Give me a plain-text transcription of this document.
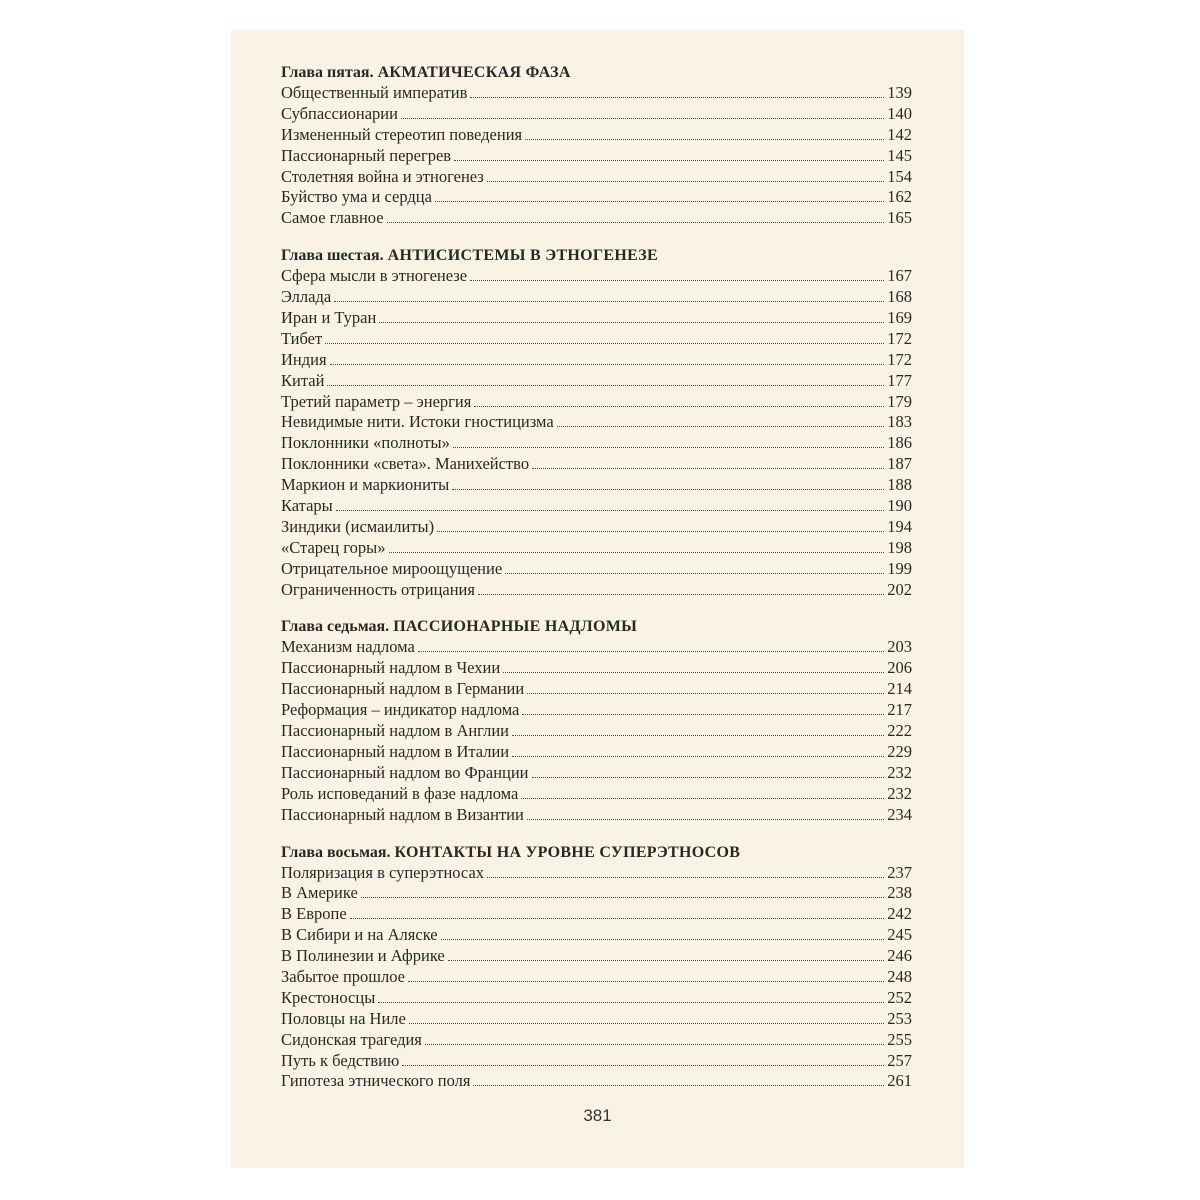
Глава пятая. АКМАТИЧЕСКАЯ ФАЗА
Общественный императив	139
Субпассионарии	140
Измененный стереотип поведения	142
Пассионарный перегрев	145
Столетняя война и этногенез	154
Буйство ума и сердца	162
Самое главное	165
Глава шестая. АНТИСИСТЕМЫ В ЭТНОГЕНЕЗЕ
Сфера мысли в этногенезе	167
Эллада	168
Иран и Туран	169
Тибет	172
Индия	172
Китай	177
Третий параметр – энергия	179
Невидимые нити. Истоки гностицизма	183
Поклонники «полноты»	186
Поклонники «света». Манихейство	187
Маркион и маркиониты	188
Катары	190
Зиндики (исмаилиты)	194
«Старец горы»	198
Отрицательное мироощущение	199
Ограниченность отрицания	202
Глава седьмая. ПАССИОНАРНЫЕ НАДЛОМЫ
Механизм надлома	203
Пассионарный надлом в Чехии	206
Пассионарный надлом в Германии	214
Реформация – индикатор надлома	217
Пассионарный надлом в Англии	222
Пассионарный надлом в Италии	229
Пассионарный надлом во Франции	232
Роль исповеданий в фазе надлома	232
Пассионарный надлом в Византии	234
Глава восьмая. КОНТАКТЫ НА УРОВНЕ СУПЕРЭТНОСОВ
Поляризация в суперэтносах	237
В Америке	238
В Европе	242
В Сибири и на Аляске	245
В Полинезии и Африке	246
Забытое прошлое	248
Крестоносцы	252
Половцы на Ниле	253
Сидонская трагедия	255
Путь к бедствию	257
Гипотеза этнического поля	261
381
